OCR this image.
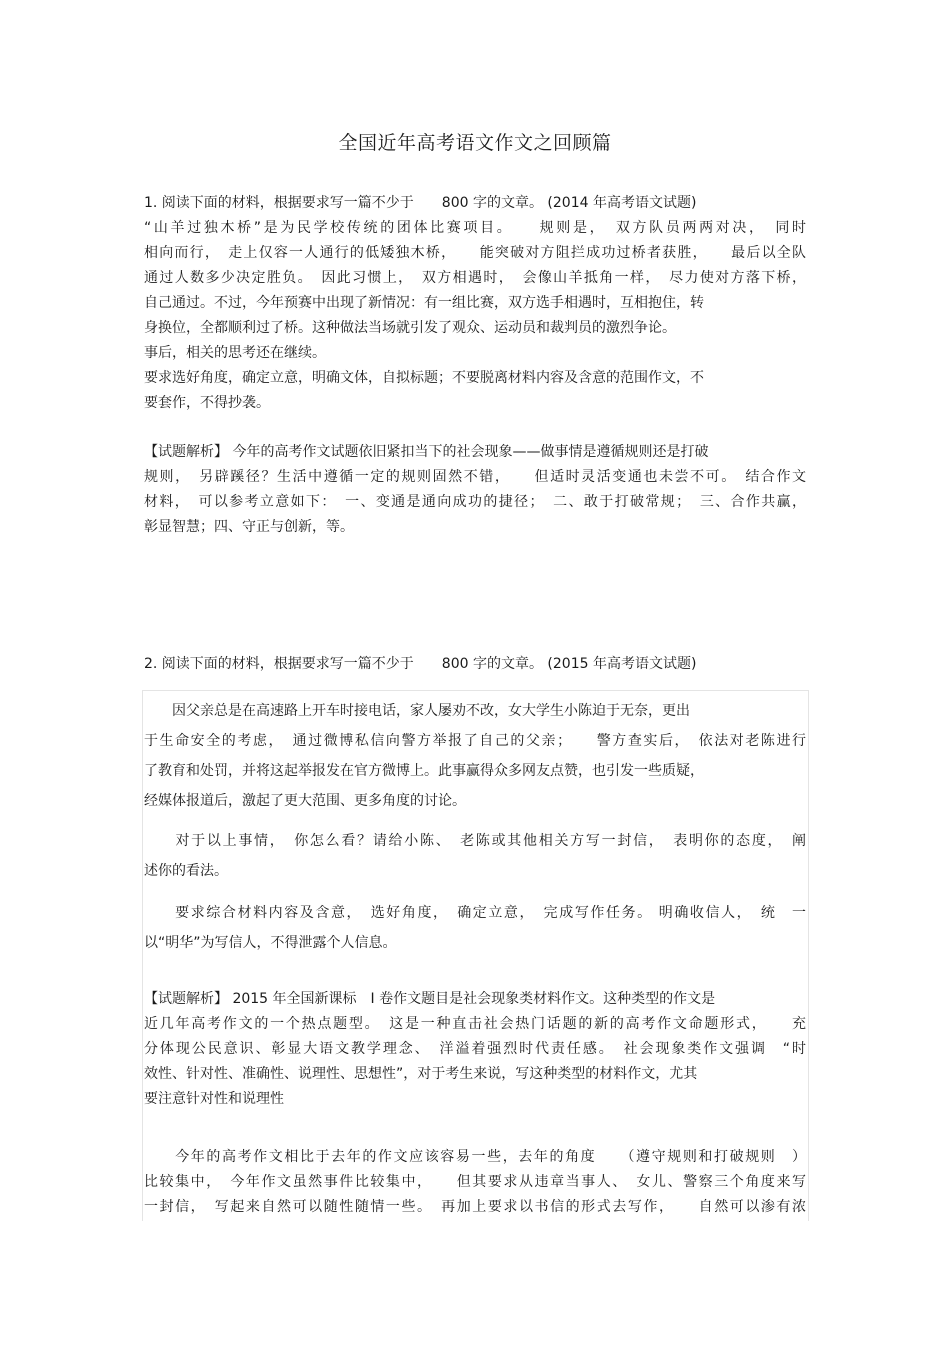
全国近年高考语文作文之回顾篇
1. 阅读下面的材料，根据要求写一篇不少于　　800 字的文章。 (2014 年高考语文试题)
“山羊过独木桥”是为民学校传统的团体比赛项目。　　规则是，　双方队员两两对决，　同时
相向而行，　走上仅容一人通行的低矮独木桥，　　能突破对方阻拦成功过桥者获胜，　　最后以全队
通过人数多少决定胜负。　因此习惯上，　双方相遇时，　会像山羊抵角一样，　尽力使对方落下桥，
自己通过。不过，今年预赛中出现了新情况：有一组比赛，双方选手相遇时，互相抱住，转
身换位，全都顺利过了桥。这种做法当场就引发了观众、运动员和裁判员的激烈争论。
事后，相关的思考还在继续。
要求选好角度，确定立意，明确文体，自拟标题；不要脱离材料内容及含意的范围作文，不
要套作，不得抄袭。
【试题解析】 今年的高考作文试题依旧紧扣当下的社会现象——做事情是遵循规则还是打破
规则，　另辟蹊径？生活中遵循一定的规则固然不错，　　但适时灵活变通也未尝不可。　结合作文
材料，　可以参考立意如下：　一、变通是通向成功的捷径；　二、敢于打破常规；　三、合作共赢，
彰显智慧；四、守正与创新，等。
2. 阅读下面的材料，根据要求写一篇不少于　　800 字的文章。 (2015 年高考语文试题)
　　因父亲总是在高速路上开车时接电话，家人屡劝不改，女大学生小陈迫于无奈，更出
于生命安全的考虑，　通过微博私信向警方举报了自己的父亲；　　警方查实后，　依法对老陈进行
了教育和处罚，并将这起举报发在官方微博上。此事赢得众多网友点赞，也引发一些质疑，
经媒体报道后，激起了更大范围、更多角度的讨论。
　　对于以上事情，　你怎么看？请给小陈、　老陈或其他相关方写一封信，　表明你的态度，　阐
述你的看法。
　　要求综合材料内容及含意，　选好角度，　确定立意，　完成写作任务。 明确收信人，　统　一
以“明华”为写信人，不得泄露个人信息。
【试题解析】 2015 年全国新课标　I 卷作文题目是社会现象类材料作文。这种类型的作文是
近几年高考作文的一个热点题型。　这是一种直击社会热门话题的新的高考作文命题形式，　　充
分体现公民意识、彰显大语文教学理念、　洋溢着强烈时代责任感。　社会现象类作文强调　“时
效性、针对性、准确性、说理性、思想性”，对于考生来说，写这种类型的材料作文，尤其
要注意针对性和说理性
　　今年的高考作文相比于去年的作文应该容易一些，去年的角度　　（遵守规则和打破规则　）
比较集中，　今年作文虽然事件比较集中，　　但其要求从违章当事人、　女儿、警察三个角度来写
一封信，　写起来自然可以随性随情一些。　再加上要求以书信的形式去写作，　　自然可以渗有浓
